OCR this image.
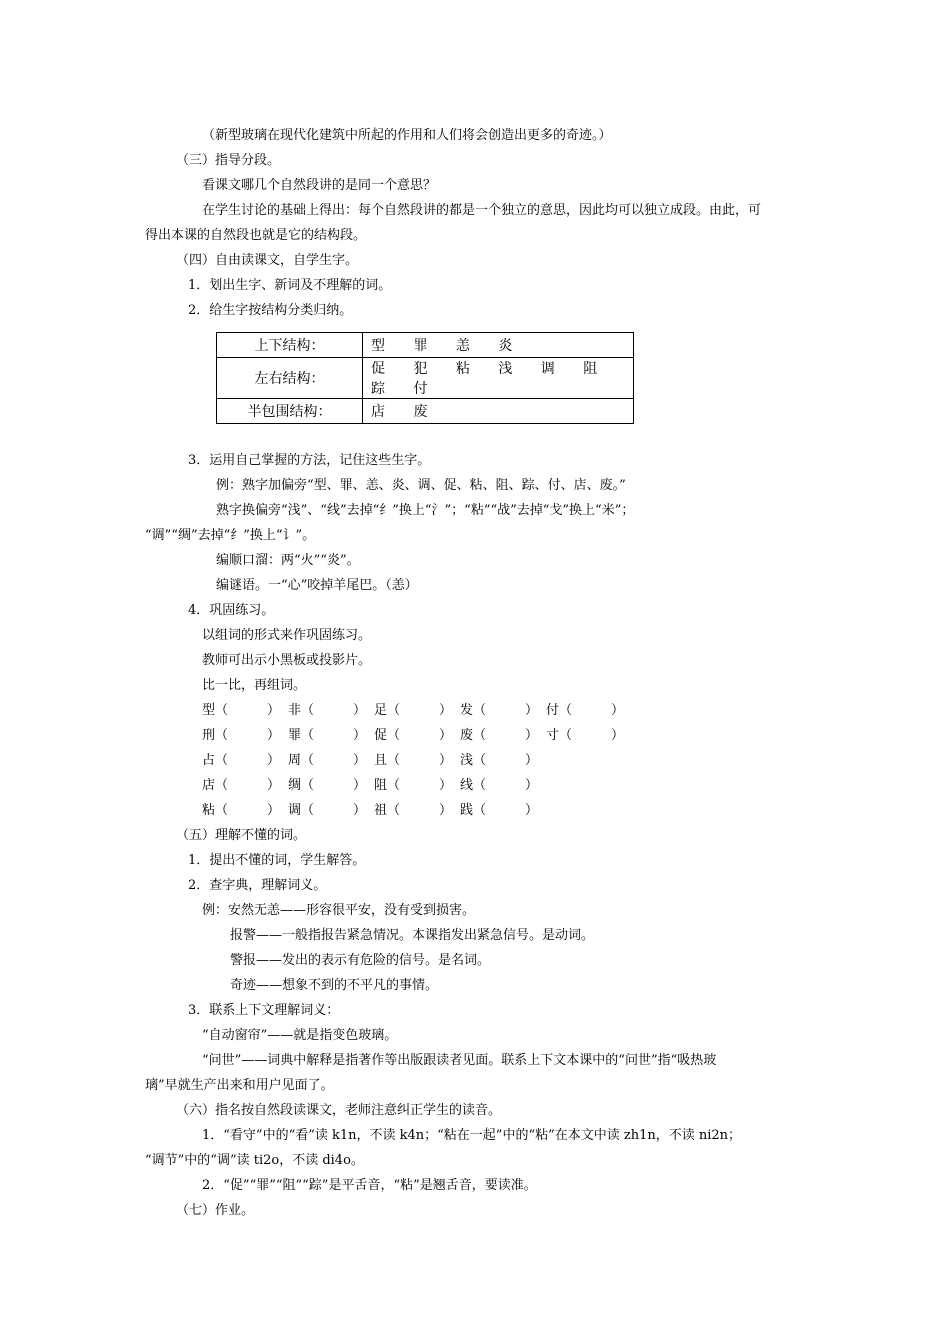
（新型玻璃在现代化建筑中所起的作用和人们将会创造出更多的奇迹。）
（三）指导分段。
看课文哪几个自然段讲的是同一个意思？
在学生讨论的基础上得出：每个自然段讲的都是一个独立的意思，因此均可以独立成段。由此，可
得出本课的自然段也就是它的结构段。
（四）自由读课文，自学生字。
1．划出生字、新词及不理解的词。
2．给生字按结构分类归纳。
上下结构：	型 罪 恙 炎
左右结构：	促 犯 粘 浅 调 阻 踪 付
半包围结构：	店 废
3．运用自己掌握的方法，记住这些生字。
例：熟字加偏旁“型、罪、恙、炎、调、促、粘、阻、踪、付、店、废。”
熟字换偏旁“浅”、“线”去掉“纟”换上“氵”；“粘”“战”去掉“戈”换上“米”；
“调”“绸”去掉“纟”换上“讠”。
编顺口溜：两“火”“炎”。
编谜语。一“心”咬掉羊尾巴。（恙）
4．巩固练习。
以组词的形式来作巩固练习。
教师可出示小黑板或投影片。
比一比，再组词。
型（　　　） 非（　　　） 足（　　　） 发（　　　） 付（　　　）
刑（　　　） 罪（　　　） 促（　　　） 废（　　　） 寸（　　　）
占（　　　） 周（　　　） 且（　　　） 浅（　　　）
店（　　　） 绸（　　　） 阻（　　　） 线（　　　）
粘（　　　） 调（　　　） 祖（　　　） 践（　　　）
（五）理解不懂的词。
1．提出不懂的词，学生解答。
2．查字典，理解词义。
例：安然无恙——形容很平安，没有受到损害。
报警——一般指报告紧急情况。本课指发出紧急信号。是动词。
警报——发出的表示有危险的信号。是名词。
奇迹——想象不到的不平凡的事情。
3．联系上下文理解词义：
“自动窗帘”——就是指变色玻璃。
“问世”——词典中解释是指著作等出版跟读者见面。联系上下文本课中的“问世”指“吸热玻
璃”早就生产出来和用户见面了。
（六）指名按自然段读课文，老师注意纠正学生的读音。
1．“看守”中的“看”读 k1n，不读 k4n；“粘在一起”中的“粘”在本文中读 zh1n，不读 ni2n；
“调节”中的“调”读 ti2o，不读 di4o。
2．“促”“罪”“阻”“踪”是平舌音，“粘”是翘舌音，要读准。
（七）作业。
